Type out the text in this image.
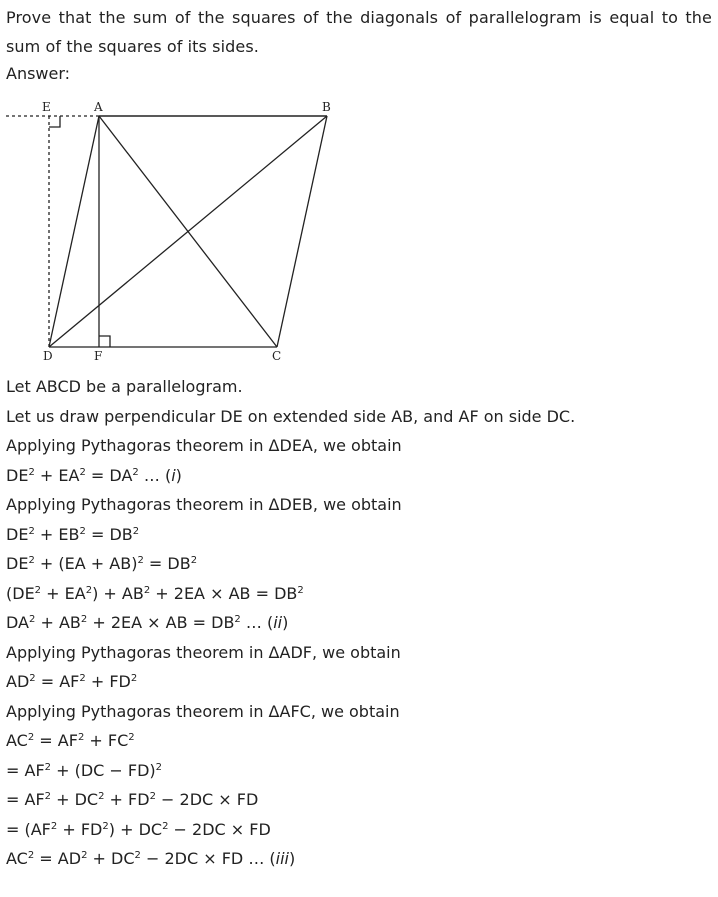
Prove that the sum of the squares of the diagonals of parallelogram is equal to the sum of the squares of its sides.
Answer:
E	A	B
D	F	C
Let ABCD be a parallelogram.
Let us draw perpendicular DE on extended side AB, and AF on side DC.
Applying Pythagoras theorem in ΔDEA, we obtain
$DE^2 + EA^2 = DA^2$ … (i)
Applying Pythagoras theorem in ΔDEB, we obtain
$DE^2 + EB^2 = DB^2$
$DE^2 + (EA + AB)^2 = DB^2$
$(DE^2 + EA^2) + AB^2 + 2EA$ × AB = $DB^2$
$DA^2 + AB^2 + 2EA$ × AB = $DB^2$ … (ii)
Applying Pythagoras theorem in ΔADF, we obtain
$AD^2 = AF^2 + FD^2$
Applying Pythagoras theorem in ΔAFC, we obtain
$AC^2 = AF^2 + FC^2$
= $AF^2 + (DC - FD)^2$
= $AF^2 + DC^2 + FD^2 - 2DC$ × FD
= $(AF^2 + FD^2) + DC^2 - 2DC$ × FD
$AC^2 = AD^2 + DC^2 - 2DC$ × FD … (iii)
